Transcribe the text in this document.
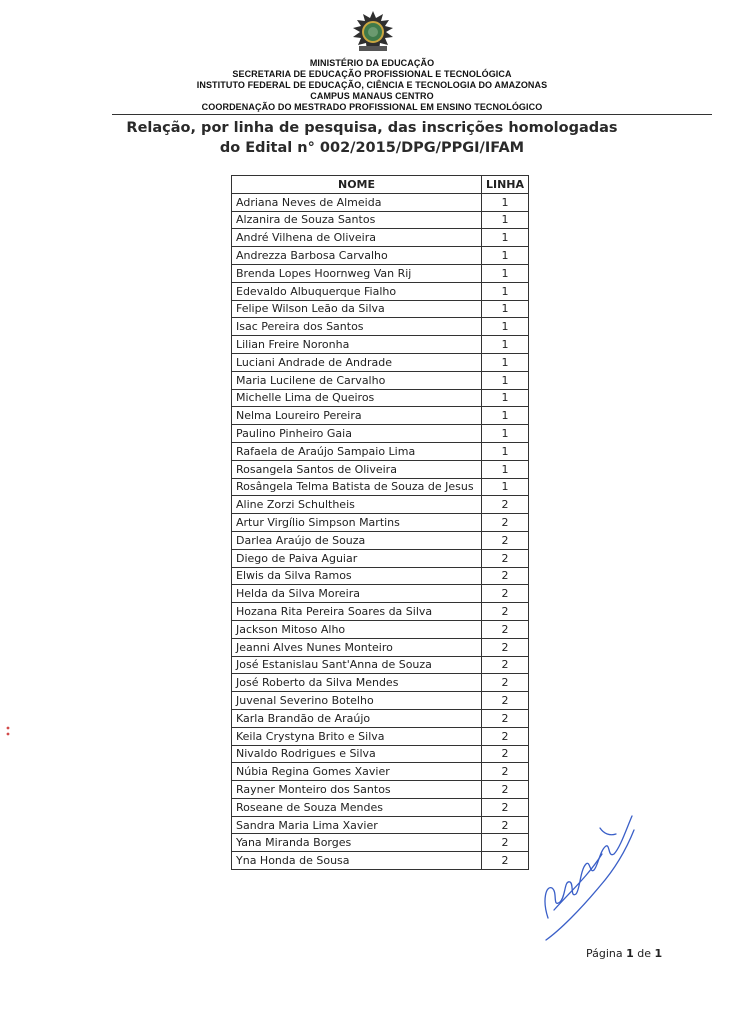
MINISTÉRIO DA EDUCAÇÃO
SECRETARIA DE EDUCAÇÃO PROFISSIONAL E TECNOLÓGICA
INSTITUTO FEDERAL DE EDUCAÇÃO, CIÊNCIA E TECNOLOGIA DO AMAZONAS
CAMPUS MANAUS CENTRO
COORDENAÇÃO DO MESTRADO PROFISSIONAL EM ENSINO TECNOLÓGICO
Relação, por linha de pesquisa, das inscrições homologadas
do Edital n° 002/2015/DPG/PPGI/IFAM
NOME	LINHA
Adriana Neves de Almeida	1
Alzanira de Souza Santos	1
André Vilhena de Oliveira	1
Andrezza Barbosa Carvalho	1
Brenda Lopes Hoornweg Van Rij	1
Edevaldo Albuquerque Fialho	1
Felipe Wilson Leão da Silva	1
Isac Pereira dos Santos	1
Lilian Freire Noronha	1
Luciani Andrade de Andrade	1
Maria Lucilene de Carvalho	1
Michelle Lima de Queiros	1
Nelma Loureiro Pereira	1
Paulino Pinheiro Gaia	1
Rafaela de Araújo Sampaio Lima	1
Rosangela Santos de Oliveira	1
Rosângela Telma Batista de Souza de Jesus	1
Aline Zorzi Schultheis	2
Artur Virgílio Simpson Martins	2
Darlea Araújo de Souza	2
Diego de Paiva Aguiar	2
Elwis da Silva Ramos	2
Helda da Silva Moreira	2
Hozana Rita Pereira Soares da Silva	2
Jackson Mitoso Alho	2
Jeanni Alves Nunes Monteiro	2
José Estanislau Sant'Anna de Souza	2
José Roberto da Silva Mendes	2
Juvenal Severino Botelho	2
Karla Brandão de Araújo	2
Keila Crystyna Brito e Silva	2
Nivaldo Rodrigues e Silva	2
Núbia Regina Gomes Xavier	2
Rayner Monteiro dos Santos	2
Roseane de Souza Mendes	2
Sandra Maria Lima Xavier	2
Yana Miranda Borges	2
Yna Honda de Sousa	2
Página 1 de 1
